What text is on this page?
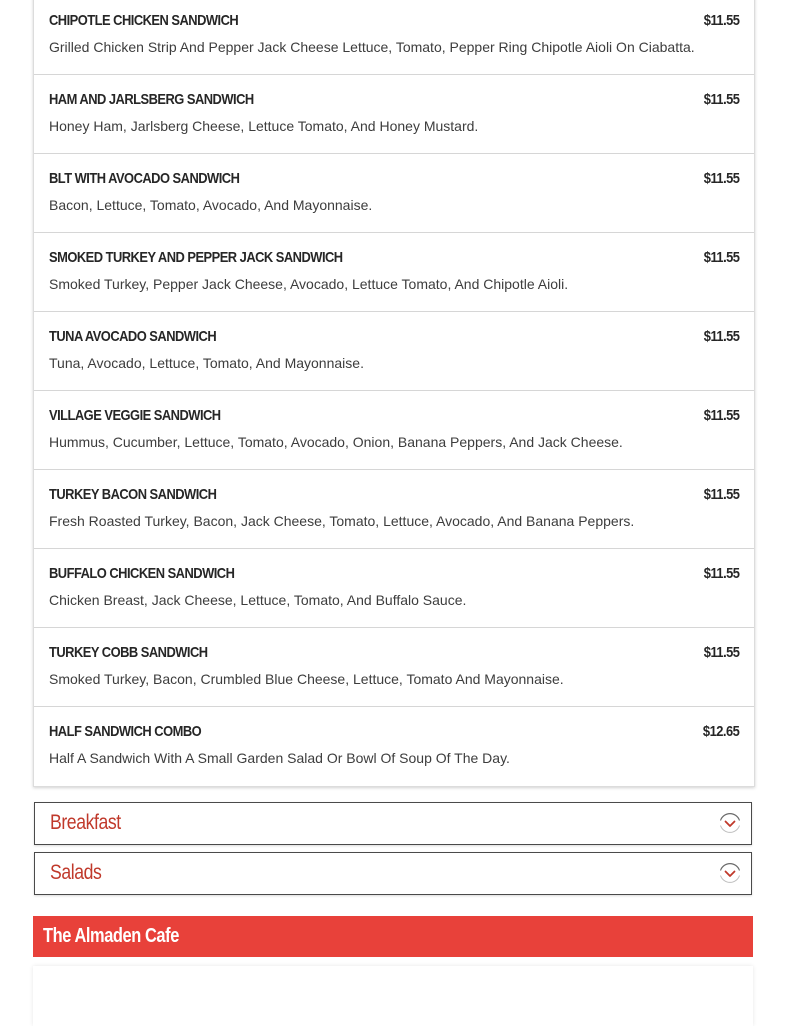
CHIPOTLE CHICKEN SANDWICH	$11.55
Grilled Chicken Strip And Pepper Jack Cheese Lettuce, Tomato, Pepper Ring Chipotle Aioli On Ciabatta.
HAM AND JARLSBERG SANDWICH	$11.55
Honey Ham, Jarlsberg Cheese, Lettuce Tomato, And Honey Mustard.
BLT WITH AVOCADO SANDWICH	$11.55
Bacon, Lettuce, Tomato, Avocado, And Mayonnaise.
SMOKED TURKEY AND PEPPER JACK SANDWICH	$11.55
Smoked Turkey, Pepper Jack Cheese, Avocado, Lettuce Tomato, And Chipotle Aioli.
TUNA AVOCADO SANDWICH	$11.55
Tuna, Avocado, Lettuce, Tomato, And Mayonnaise.
VILLAGE VEGGIE SANDWICH	$11.55
Hummus, Cucumber, Lettuce, Tomato, Avocado, Onion, Banana Peppers, And Jack Cheese.
TURKEY BACON SANDWICH	$11.55
Fresh Roasted Turkey, Bacon, Jack Cheese, Tomato, Lettuce, Avocado, And Banana Peppers.
BUFFALO CHICKEN SANDWICH	$11.55
Chicken Breast, Jack Cheese, Lettuce, Tomato, And Buffalo Sauce.
TURKEY COBB SANDWICH	$11.55
Smoked Turkey, Bacon, Crumbled Blue Cheese, Lettuce, Tomato And Mayonnaise.
HALF SANDWICH COMBO	$12.65
Half A Sandwich With A Small Garden Salad Or Bowl Of Soup Of The Day.
Breakfast
Salads
The Almaden Cafe
